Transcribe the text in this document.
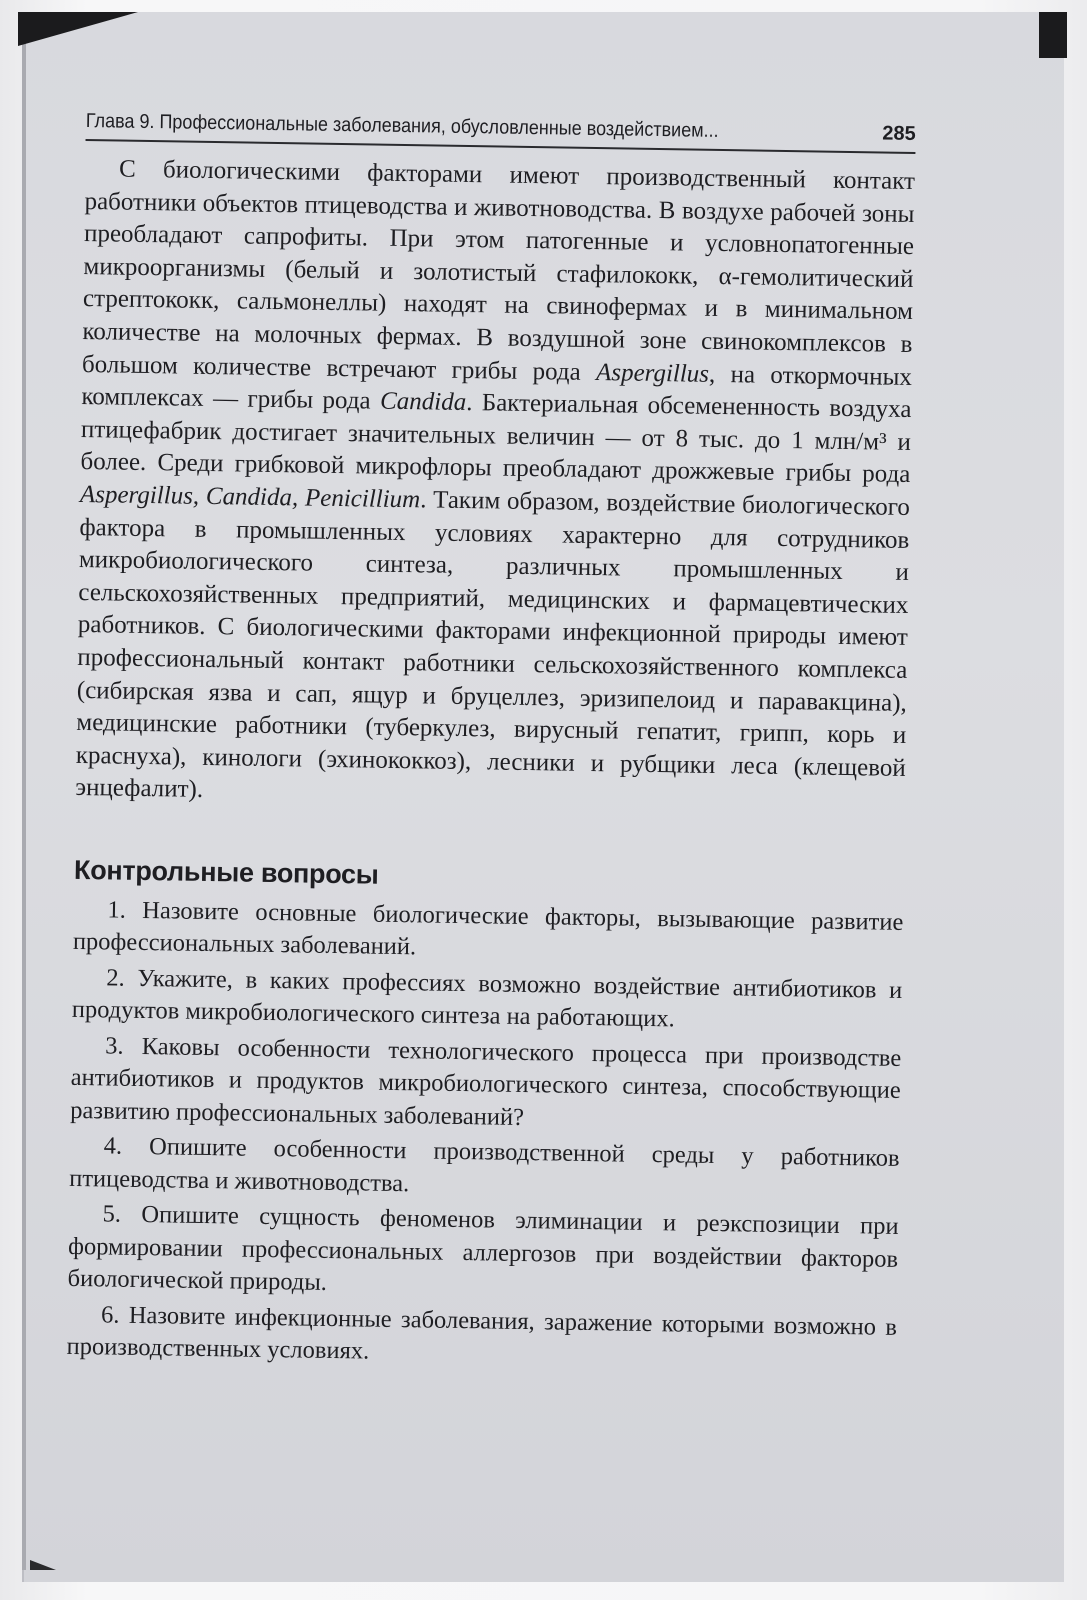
Глава 9. Профессиональные заболевания, обусловленные воздействием...	285

С биологическими факторами имеют производственный контакт работники объектов птицеводства и животноводства. В воздухе рабочей зоны преобладают сапрофиты. При этом патогенные и условнопатогенные микроорганизмы (белый и золотистый стафилококк, α-гемолитический стрептококк, сальмонеллы) находят на свинофермах и в минимальном количестве на молочных фермах. В воздушной зоне свинокомплексов в большом количестве встречают грибы рода Aspergillus, на откормочных комплексах — грибы рода Candida. Бактериальная обсемененность воздуха птицефабрик достигает значительных величин — от 8 тыс. до 1 млн/м³ и более. Среди грибковой микрофлоры преобладают дрожжевые грибы рода Aspergillus, Candida, Penicillium. Таким образом, воздействие биологического фактора в промышленных условиях характерно для сотрудников микробиологического синтеза, различных промышленных и сельскохозяйственных предприятий, медицинских и фармацевтических работников. С биологическими факторами инфекционной природы имеют профессиональный контакт работники сельскохозяйственного комплекса (сибирская язва и сап, ящур и бруцеллез, эризипелоид и паравакцина), медицинские работники (туберкулез, вирусный гепатит, грипп, корь и краснуха), кинологи (эхинококкоз), лесники и рубщики леса (клещевой энцефалит).

Контрольные вопросы
1. Назовите основные биологические факторы, вызывающие развитие профессиональных заболеваний.
2. Укажите, в каких профессиях возможно воздействие антибиотиков и продуктов микробиологического синтеза на работающих.
3. Каковы особенности технологического процесса при производстве антибиотиков и продуктов микробиологического синтеза, способствующие развитию профессиональных заболеваний?
4. Опишите особенности производственной среды у работников птицеводства и животноводства.
5. Опишите сущность феноменов элиминации и реэкспозиции при формировании профессиональных аллергозов при воздействии факторов биологической природы.
6. Назовите инфекционные заболевания, заражение которыми возможно в производственных условиях.
